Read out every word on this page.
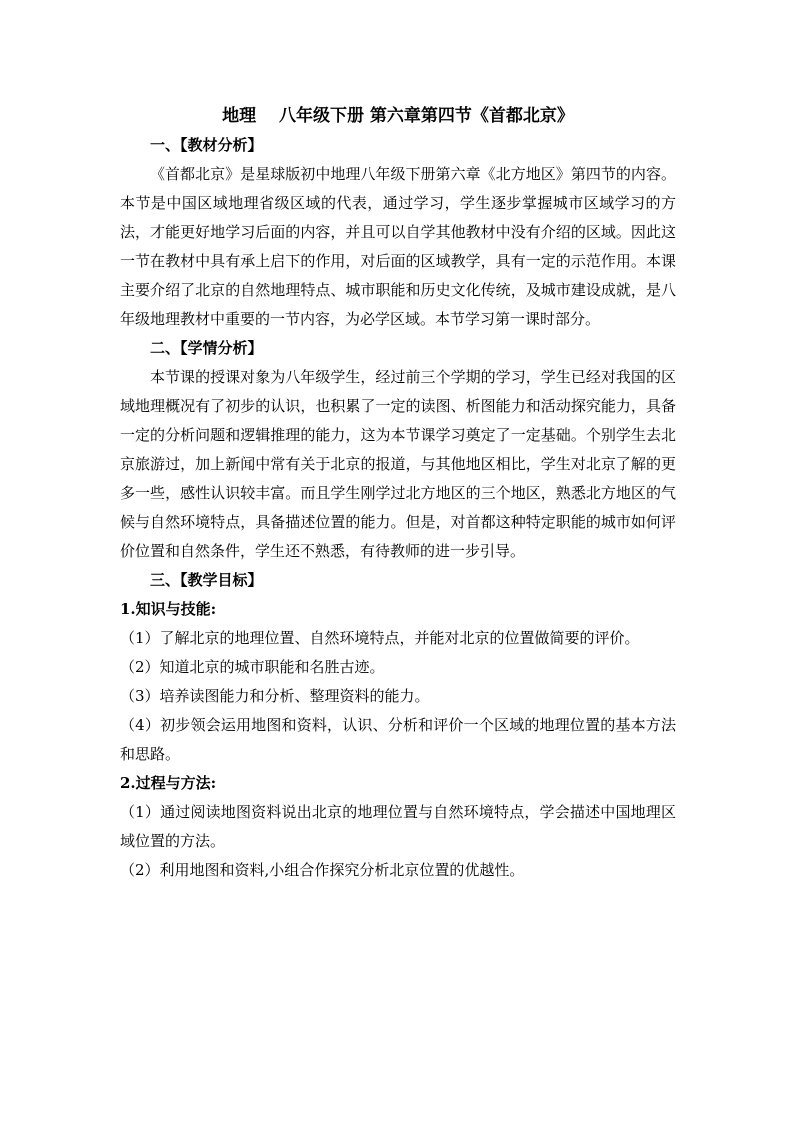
地理　 八年级下册 第六章第四节《首都北京》
一、【教材分析】

《首都北京》是星球版初中地理八年级下册第六章《北方地区》第四节的内容。本节是中国区域地理省级区域的代表，通过学习，学生逐步掌握城市区域学习的方法，才能更好地学习后面的内容，并且可以自学其他教材中没有介绍的区域。因此这一节在教材中具有承上启下的作用，对后面的区域教学，具有一定的示范作用。本课主要介绍了北京的自然地理特点、城市职能和历史文化传统，及城市建设成就，是八年级地理教材中重要的一节内容，为必学区域。本节学习第一课时部分。

二、【学情分析】

本节课的授课对象为八年级学生，经过前三个学期的学习，学生已经对我国的区域地理概况有了初步的认识，也积累了一定的读图、析图能力和活动探究能力，具备一定的分析问题和逻辑推理的能力，这为本节课学习奠定了一定基础。个别学生去北京旅游过，加上新闻中常有关于北京的报道，与其他地区相比，学生对北京了解的更多一些，感性认识较丰富。而且学生刚学过北方地区的三个地区，熟悉北方地区的气候与自然环境特点，具备描述位置的能力。但是，对首都这种特定职能的城市如何评价位置和自然条件，学生还不熟悉，有待教师的进一步引导。

三、【教学目标】
1.知识与技能:

（1）了解北京的地理位置、自然环境特点，并能对北京的位置做简要的评价。

（2）知道北京的城市职能和名胜古迹。

（3）培养读图能力和分析、整理资料的能力。

（4）初步领会运用地图和资料，认识、分析和评价一个区域的地理位置的基本方法和思路。

2.过程与方法:

（1）通过阅读地图资料说出北京的地理位置与自然环境特点，学会描述中国地理区域位置的方法。

（2）利用地图和资料,小组合作探究分析北京位置的优越性。
